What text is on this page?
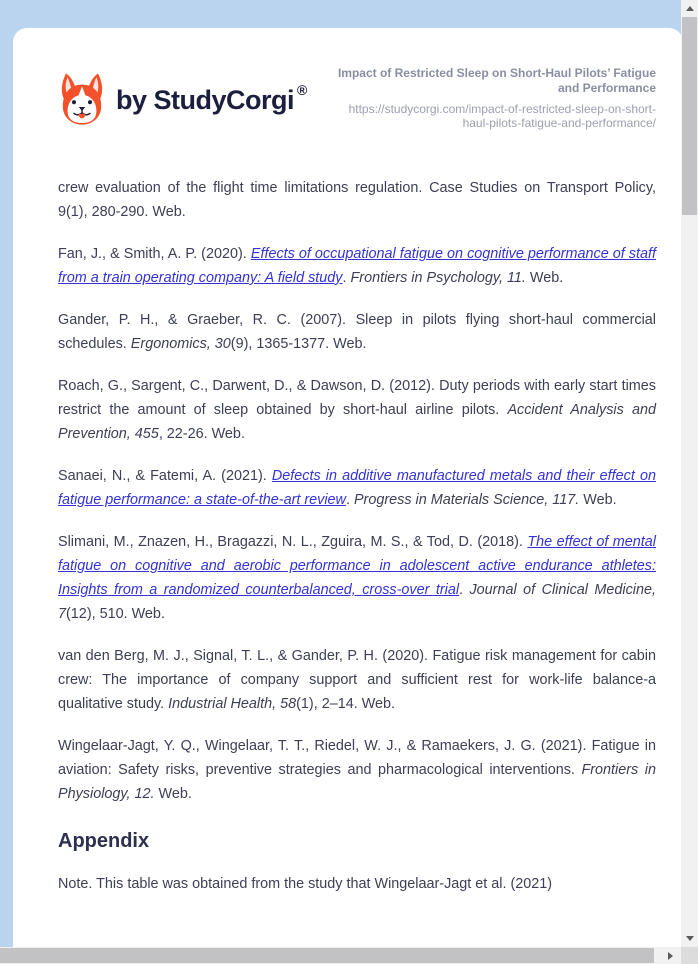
by StudyCorgi ®
Impact of Restricted Sleep on Short-Haul Pilots’ Fatigue
and Performance
https://studycorgi.com/impact-of-restricted-sleep-on-short-
haul-pilots-fatigue-and-performance/

crew evaluation of the flight time limitations regulation. Case Studies on Transport Policy, 9(1), 280-290. Web.

Fan, J., & Smith, A. P. (2020). Effects of occupational fatigue on cognitive performance of staff from a train operating company: A field study. Frontiers in Psychology, 11. Web.

Gander, P. H., & Graeber, R. C. (2007). Sleep in pilots flying short-haul commercial schedules. Ergonomics, 30(9), 1365-1377. Web.

Roach, G., Sargent, C., Darwent, D., & Dawson, D. (2012). Duty periods with early start times restrict the amount of sleep obtained by short-haul airline pilots. Accident Analysis and Prevention, 455, 22-26. Web.

Sanaei, N., & Fatemi, A. (2021). Defects in additive manufactured metals and their effect on fatigue performance: a state-of-the-art review. Progress in Materials Science, 117. Web.

Slimani, M., Znazen, H., Bragazzi, N. L., Zguira, M. S., & Tod, D. (2018). The effect of mental fatigue on cognitive and aerobic performance in adolescent active endurance athletes: Insights from a randomized counterbalanced, cross-over trial. Journal of Clinical Medicine, 7(12), 510. Web.

van den Berg, M. J., Signal, T. L., & Gander, P. H. (2020). Fatigue risk management for cabin crew: The importance of company support and sufficient rest for work-life balance-a qualitative study. Industrial Health, 58(1), 2–14. Web.

Wingelaar-Jagt, Y. Q., Wingelaar, T. T., Riedel, W. J., & Ramaekers, J. G. (2021). Fatigue in aviation: Safety risks, preventive strategies and pharmacological interventions. Frontiers in Physiology, 12. Web.

Appendix

Note. This table was obtained from the study that Wingelaar-Jagt et al. (2021)
